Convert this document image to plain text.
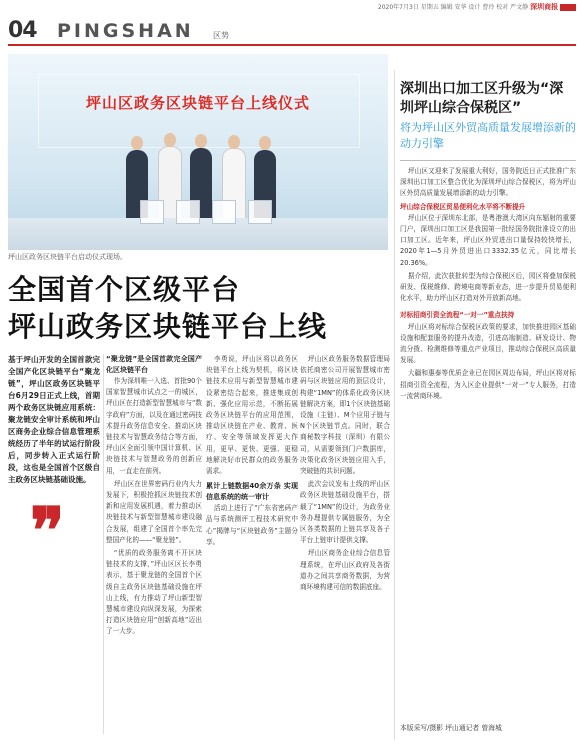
2020年7月3日 星期五 编辑 安华 设计 曹玲 校对 严文静 深圳商报
04 PINGSHAN 区势
坪山区政务区块链平台上线仪式
坪山区政务区块链平台启动仪式现场。
全国首个区级平台
坪山政务区块链平台上线
基于坪山开发的全国首款完全国产化区块链平台“聚龙链”，坪山区政务区块链平台6月29日正式上线，首期两个政务区块链应用系统：聚龙链安全审计系统和坪山区商务企业综合信息管理系统经历了半年的试运行阶段后，同步转入正式运行阶段，这也是全国首个区级自主政务区块链基础设施。
❞
“聚龙链”是全国首款完全国产化区块链平台

作为深圳唯一入选、首批90个国家智慧城市试点之一的城区，坪山区在打造新型智慧城市与“数字政府”方面，以及在通过密码技术提升政务信息安全、推动区块链技术与智慧政务结合等方面，坪山区全面引领中国计算机、区块链技术与智慧政务的创新应用，一直走在前列。

坪山区在世界密码行业内大力发展下，积极抢抓区块链技术创新和应用发展机遇，着力推动区块链技术与新型智慧城市建设融合发展，组建了全国首个率先完整国产化的——“聚龙链”。

“优质的政务服务离不开区块链技术的支撑，”坪山区区长李勇表示，基于聚龙链的全国首个区级自主政务区块链基础设施在坪山上线，有力推动了坪山新型智慧城市建设向纵深发展，为探索打造区块链应用“创新高地”迈出了一大步。

李勇说，坪山区将以政务区块链平台上线为契机，将区块链技术应用与新型智慧城市建设紧密结合起来，推进集成创新、强化应用示范，不断拓展政务区块链平台的应用范围，推动区块链在产业、教育、医疗、安全等领域发挥更大作用，更早、更快、更强、更稳地解决好市民群众的政务服务需求。

累计上链数据40余万条 实现信息系统的统一审计

活动上进行了“广东省密码产品与系统测评工程技术研究中心”揭牌与“区块链政务”主题分享。

坪山区政务服务数据管理局依托商密公司开展智慧城市密码与区块链应用的顶层设计，构建“1MN”的体系化政务区块链解决方案，即1个区块链基础设施（主链）、M个应用子链与N个区块链节点。同时，联合商秘数字科技（深圳）有限公司，从需要领到门户数据库，决策化政务区块链应用入手，突破链的共识问题。

此次会议发布上线的坪山区政务区块链基础设施平台，搭载了“1MN”的设计，为政务业务办理提供专属链服务，为全区各类数据的上链共享及各子平台上链审计提供支撑。

坪山区商务企业综合信息管理系统，在坪山区政府及各街道办之间共享商务数据，为营商环境构建可信的数据底座。

深圳出口加工区升级为“深圳坪山综合保税区”
将为坪山区外贸高质量发展增添新的动力引擎

坪山区又迎来了发展重大利好，国务院近日正式批准广东深圳出口加工区整合优化为深圳坪山综合保税区，将为坪山区外贸高质量发展增添新的动力引擎。

坪山综合保税区贸易便利化水平将不断提升

坪山区位于深圳东北部，是粤港澳大湾区向东辐射的重要门户，深圳出口加工区是我国第一批经国务院批准设立的出口加工区。近年来，坪山区外贸进出口量保持较快增长，2020年1—5月外贸进出口3332.35亿元，同比增长20.36%。

据介绍，此次获批转型为综合保税区后，园区将叠加保税研发、保税维修、跨境电商等新业态，进一步提升贸易便利化水平，助力坪山区打造对外开放新高地。

对标招商引资全流程“一对一”重点扶持

坪山区将对标综合保税区政策的要求，加快推进园区基础设施和配套服务的提升改造，引进高端制造、研发设计、物流分拨、检测维修等重点产业项目，推动综合保税区高质量发展。

大疆和惠泰等优质企业已在园区周边布局，坪山区将对标招商引资全流程，为入区企业提供“一对一”专人服务，打造一流营商环境。

本版采写/摄影 坪山通记者 曾海城
